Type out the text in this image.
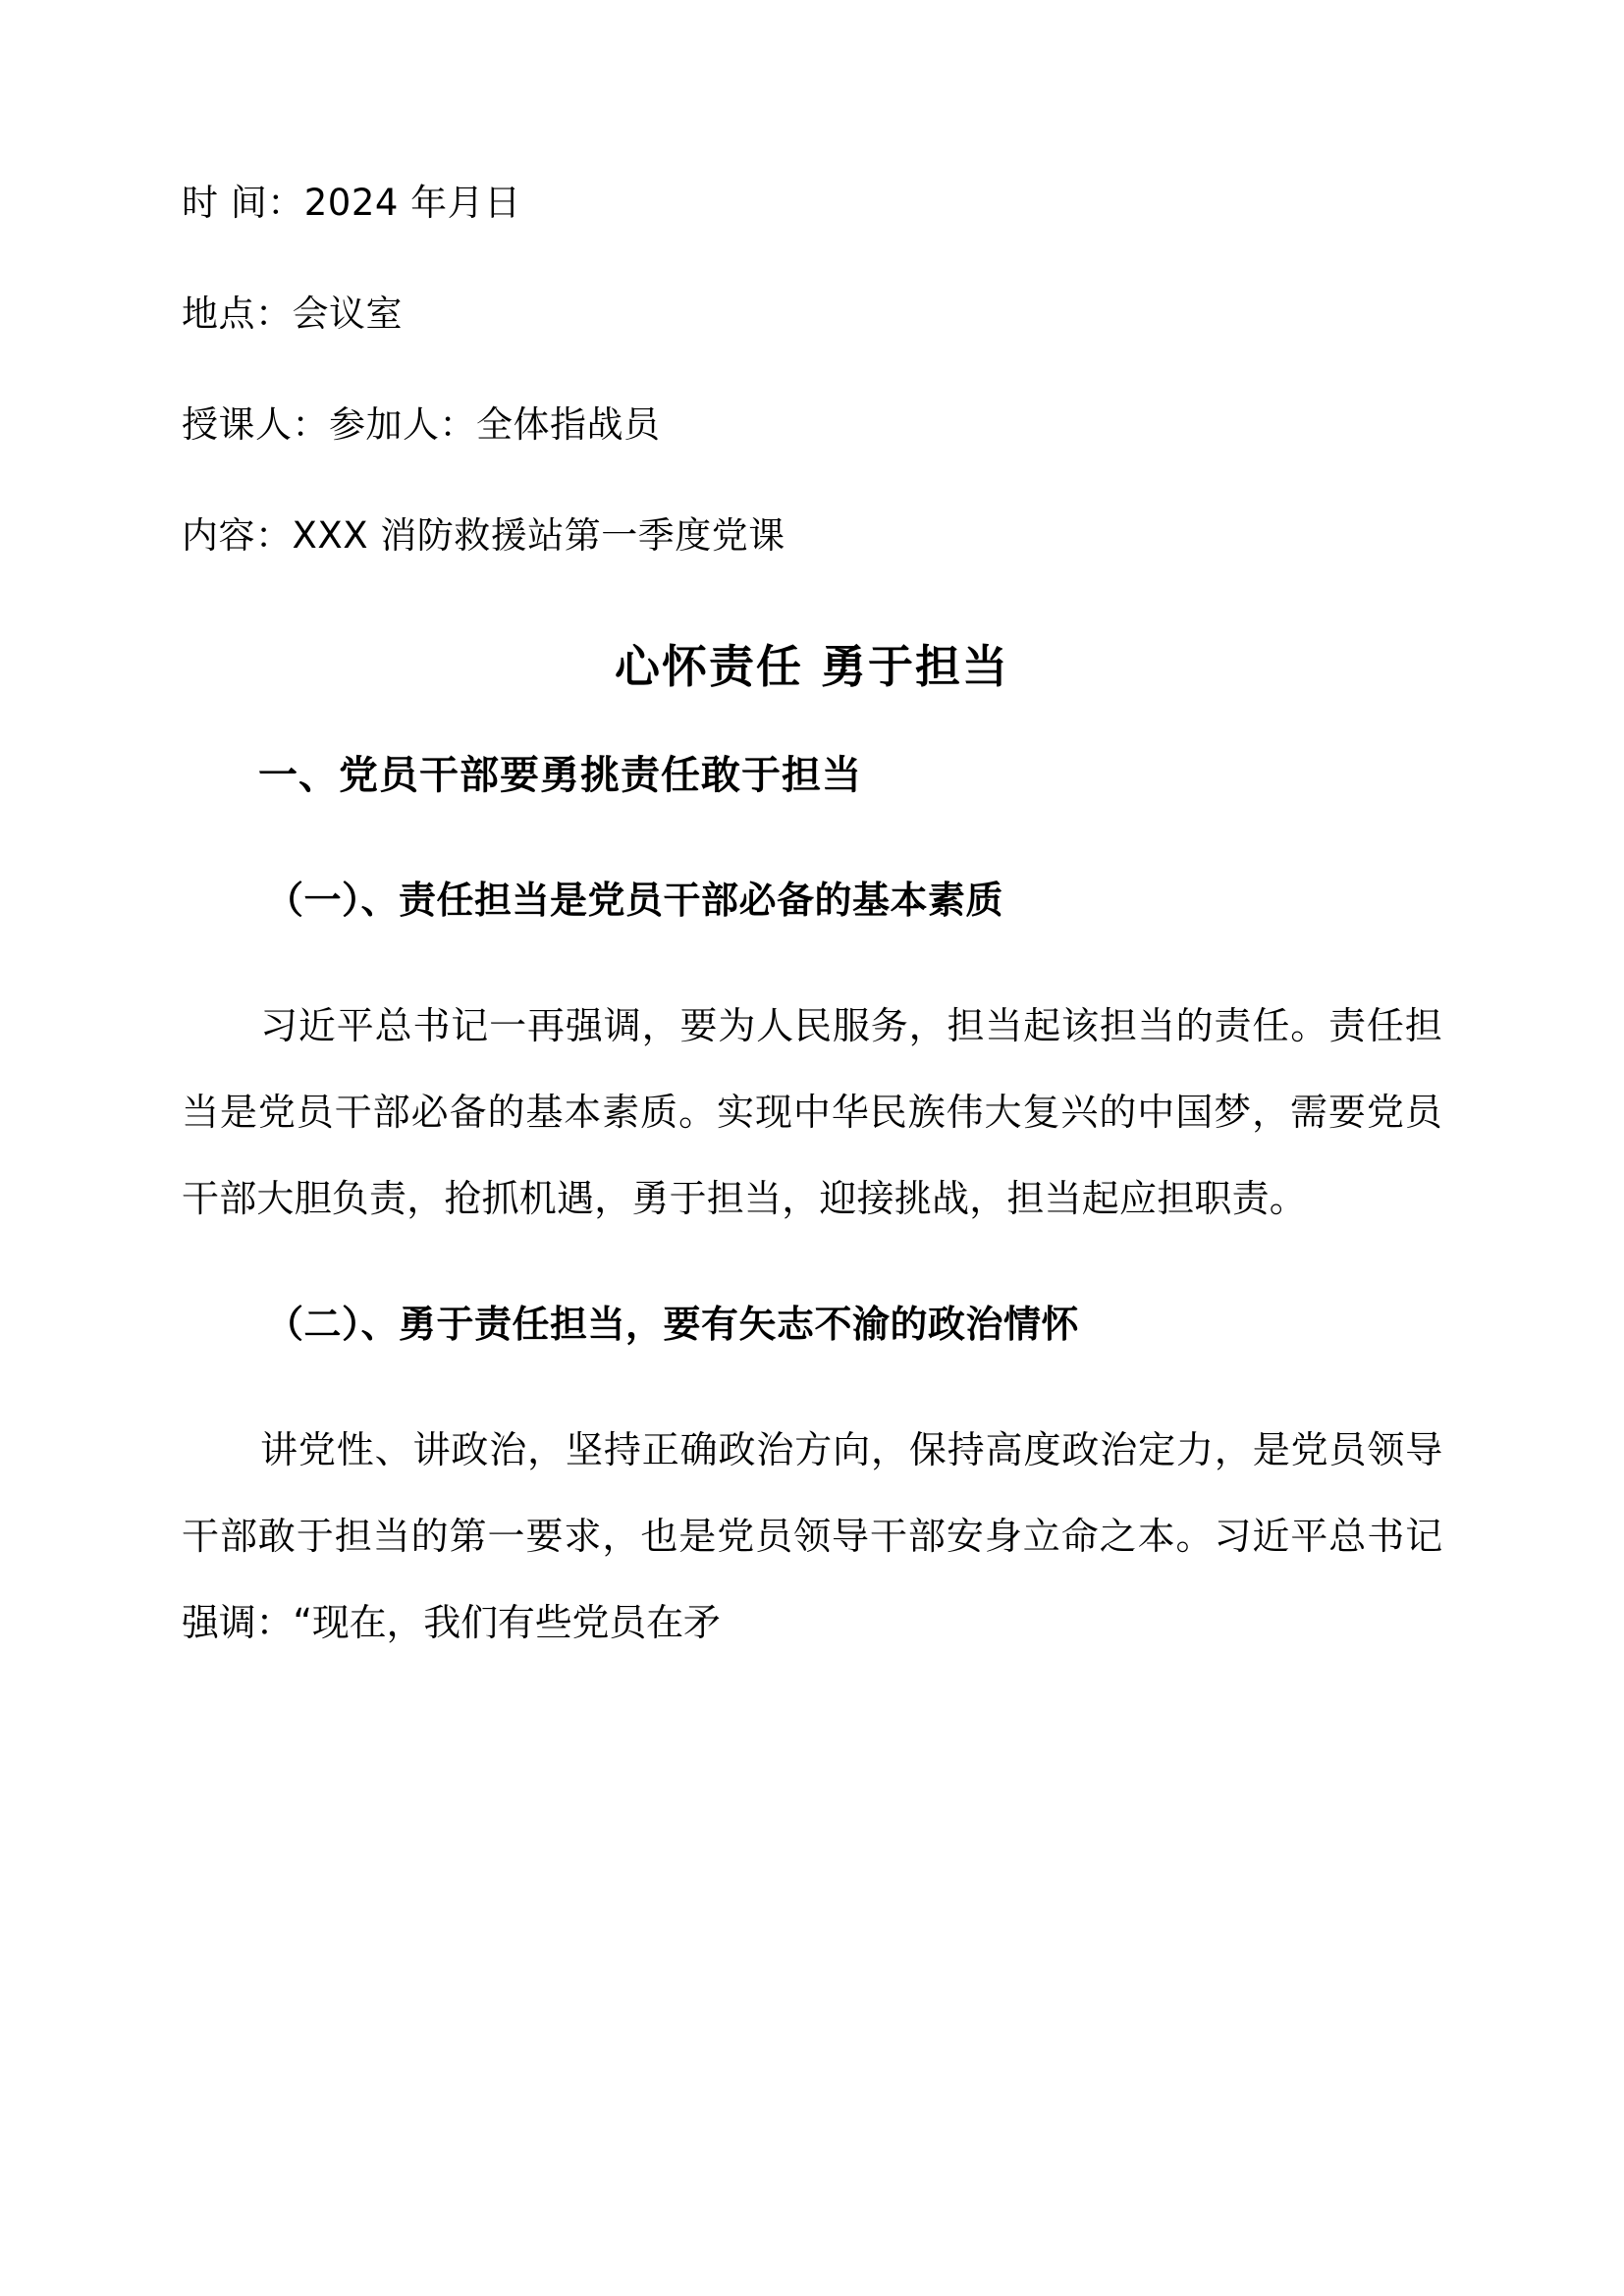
时 间：2024 年月日
地点：会议室
授课人：参加人：全体指战员
内容：XXX 消防救援站第一季度党课
心怀责任 勇于担当
一、党员干部要勇挑责任敢于担当
（一）、责任担当是党员干部必备的基本素质

习近平总书记一再强调，要为人民服务，担当起该担当的责任。责任担当是党员干部必备的基本素质。实现中华民族伟大复兴的中国梦，需要党员干部大胆负责，抢抓机遇，勇于担当，迎接挑战，担当起应担职责。

（二）、勇于责任担当，要有矢志不渝的政治情怀

讲党性、讲政治，坚持正确政治方向，保持高度政治定力，是党员领导干部敢于担当的第一要求，也是党员领导干部安身立命之本。习近平总书记强调：“现在，我们有些党员在矛
